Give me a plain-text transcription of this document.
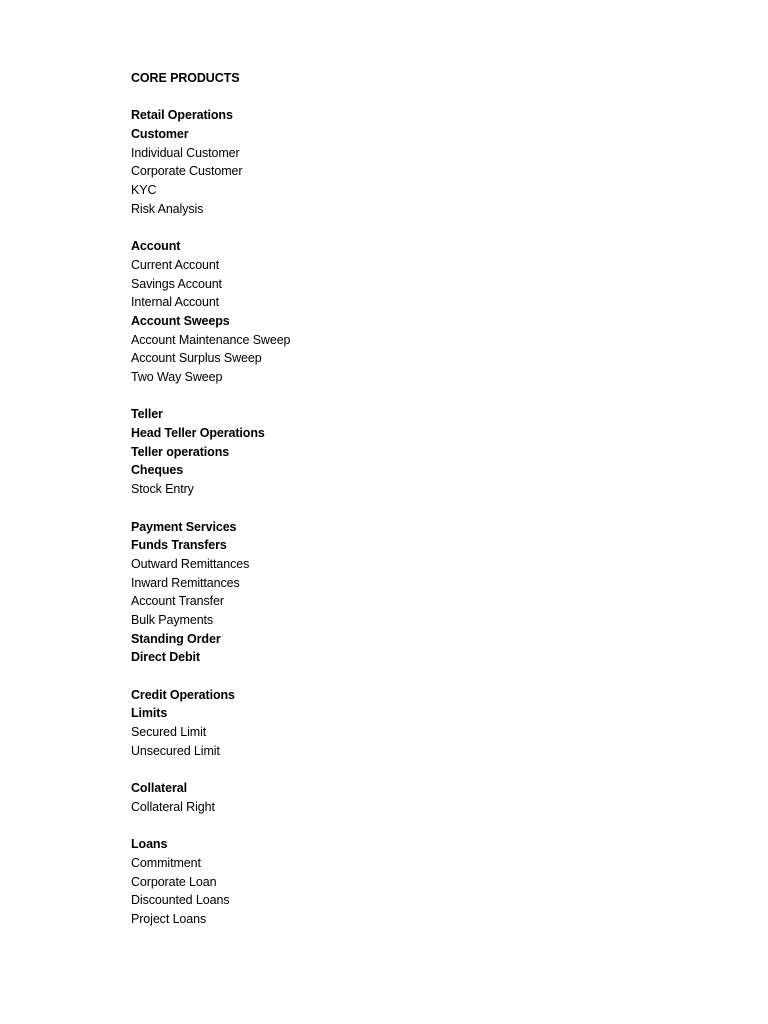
CORE PRODUCTS
Retail Operations
Customer
Individual Customer
Corporate Customer
KYC
Risk Analysis
Account
Current Account
Savings Account
Internal Account
Account Sweeps
Account Maintenance Sweep
Account Surplus Sweep
Two Way Sweep
Teller
Head Teller Operations
Teller operations
Cheques
Stock Entry
Payment Services
Funds Transfers
Outward Remittances
Inward Remittances
Account Transfer
Bulk Payments
Standing Order
Direct Debit
Credit Operations
Limits
Secured Limit
Unsecured Limit
Collateral
Collateral Right
Loans
Commitment
Corporate Loan
Discounted Loans
Project Loans
